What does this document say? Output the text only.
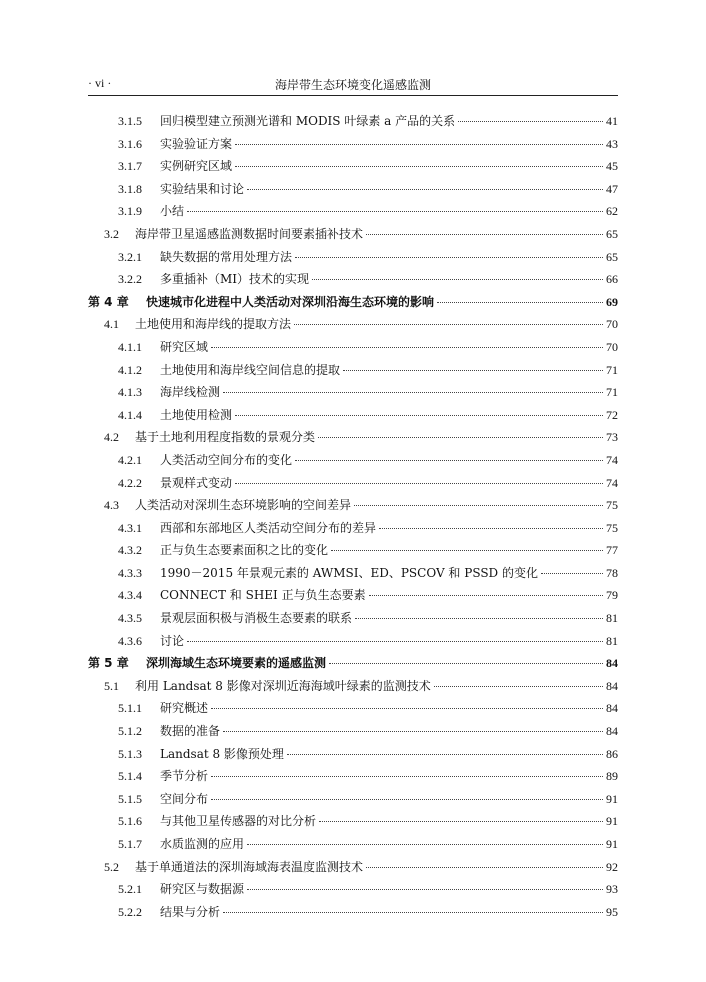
· vi ·	海岸带生态环境变化遥感监测
3.1.5	回归模型建立预测光谱和 MODIS 叶绿素 a 产品的关系	41
3.1.6	实验验证方案	43
3.1.7	实例研究区域	45
3.1.8	实验结果和讨论	47
3.1.9	小结	62
3.2	海岸带卫星遥感监测数据时间要素插补技术	65
3.2.1	缺失数据的常用处理方法	65
3.2.2	多重插补（MI）技术的实现	66
第 4 章	快速城市化进程中人类活动对深圳沿海生态环境的影响	69
4.1	土地使用和海岸线的提取方法	70
4.1.1	研究区域	70
4.1.2	土地使用和海岸线空间信息的提取	71
4.1.3	海岸线检测	71
4.1.4	土地使用检测	72
4.2	基于土地利用程度指数的景观分类	73
4.2.1	人类活动空间分布的变化	74
4.2.2	景观样式变动	74
4.3	人类活动对深圳生态环境影响的空间差异	75
4.3.1	西部和东部地区人类活动空间分布的差异	75
4.3.2	正与负生态要素面积之比的变化	77
4.3.3	1990－2015 年景观元素的 AWMSI、ED、PSCOV 和 PSSD 的变化	78
4.3.4	CONNECT 和 SHEI 正与负生态要素	79
4.3.5	景观层面积极与消极生态要素的联系	81
4.3.6	讨论	81
第 5 章	深圳海域生态环境要素的遥感监测	84
5.1	利用 Landsat 8 影像对深圳近海海域叶绿素的监测技术	84
5.1.1	研究概述	84
5.1.2	数据的准备	84
5.1.3	Landsat 8 影像预处理	86
5.1.4	季节分析	89
5.1.5	空间分布	91
5.1.6	与其他卫星传感器的对比分析	91
5.1.7	水质监测的应用	91
5.2	基于单通道法的深圳海域海表温度监测技术	92
5.2.1	研究区与数据源	93
5.2.2	结果与分析	95
